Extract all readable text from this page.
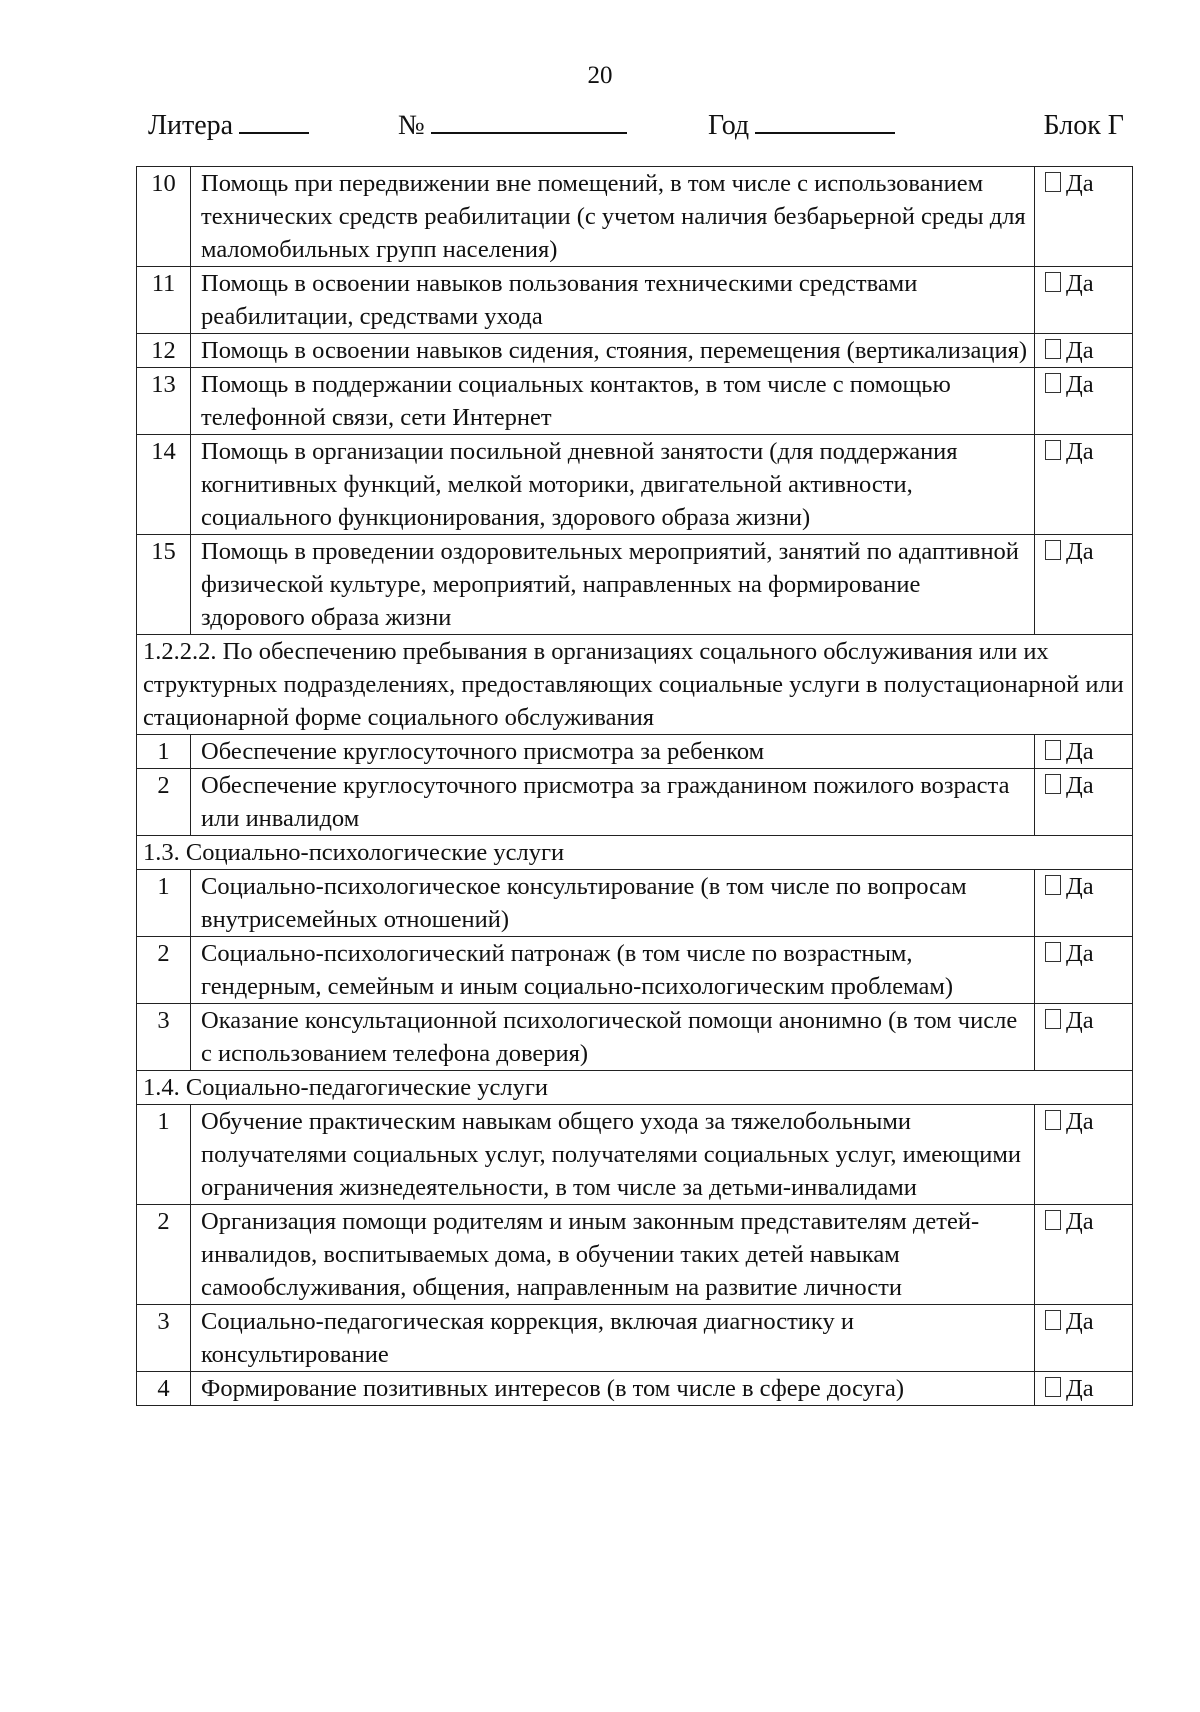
20
Литера	№	Год	Блок Г
10	Помощь при передвижении вне помещений, в том числе с использованием технических средств реабилитации (с учетом наличия безбарьерной среды для маломобильных групп населения)	Да
11	Помощь в освоении навыков пользования техническими средствами реабилитации, средствами ухода	Да
12	Помощь в освоении навыков сидения, стояния, перемещения (вертикализация)	Да
13	Помощь в поддержании социальных контактов, в том числе с помощью телефонной связи, сети Интернет	Да
14	Помощь в организации посильной дневной занятости (для поддержания когнитивных функций, мелкой моторики, двигательной активности, социального функционирования, здорового образа жизни)	Да
15	Помощь в проведении оздоровительных мероприятий, занятий по адаптивной физической культуре, мероприятий, направленных на формирование здорового образа жизни	Да
1.2.2.2. По обеспечению пребывания в организациях соцального обслуживания или их структурных подразделениях, предоставляющих социальные услуги в полустационарной или стационарной форме социального обслуживания		
1	Обеспечение круглосуточного присмотра за ребенком	Да
2	Обеспечение круглосуточного присмотра за гражданином пожилого возраста или инвалидом	Да
1.3. Социально-психологические услуги		
1	Социально-психологическое консультирование (в том числе по вопросам внутрисемейных отношений)	Да
2	Социально-психологический патронаж (в том числе по возрастным, гендерным, семейным и иным социально-психологическим проблемам)	Да
3	Оказание консультационной психологической помощи анонимно (в том числе с использованием телефона доверия)	Да
1.4. Социально-педагогические услуги		
1	Обучение практическим навыкам общего ухода за тяжелобольными получателями социальных услуг, получателями социальных услуг, имеющими ограничения жизнедеятельности, в том числе за детьми-инвалидами	Да
2	Организация помощи родителям и иным законным представителям детей-инвалидов, воспитываемых дома, в обучении таких детей навыкам самообслуживания, общения, направленным на развитие личности	Да
3	Социально-педагогическая коррекция, включая диагностику и консультирование	Да
4	Формирование позитивных интересов (в том числе в сфере досуга)	Да
